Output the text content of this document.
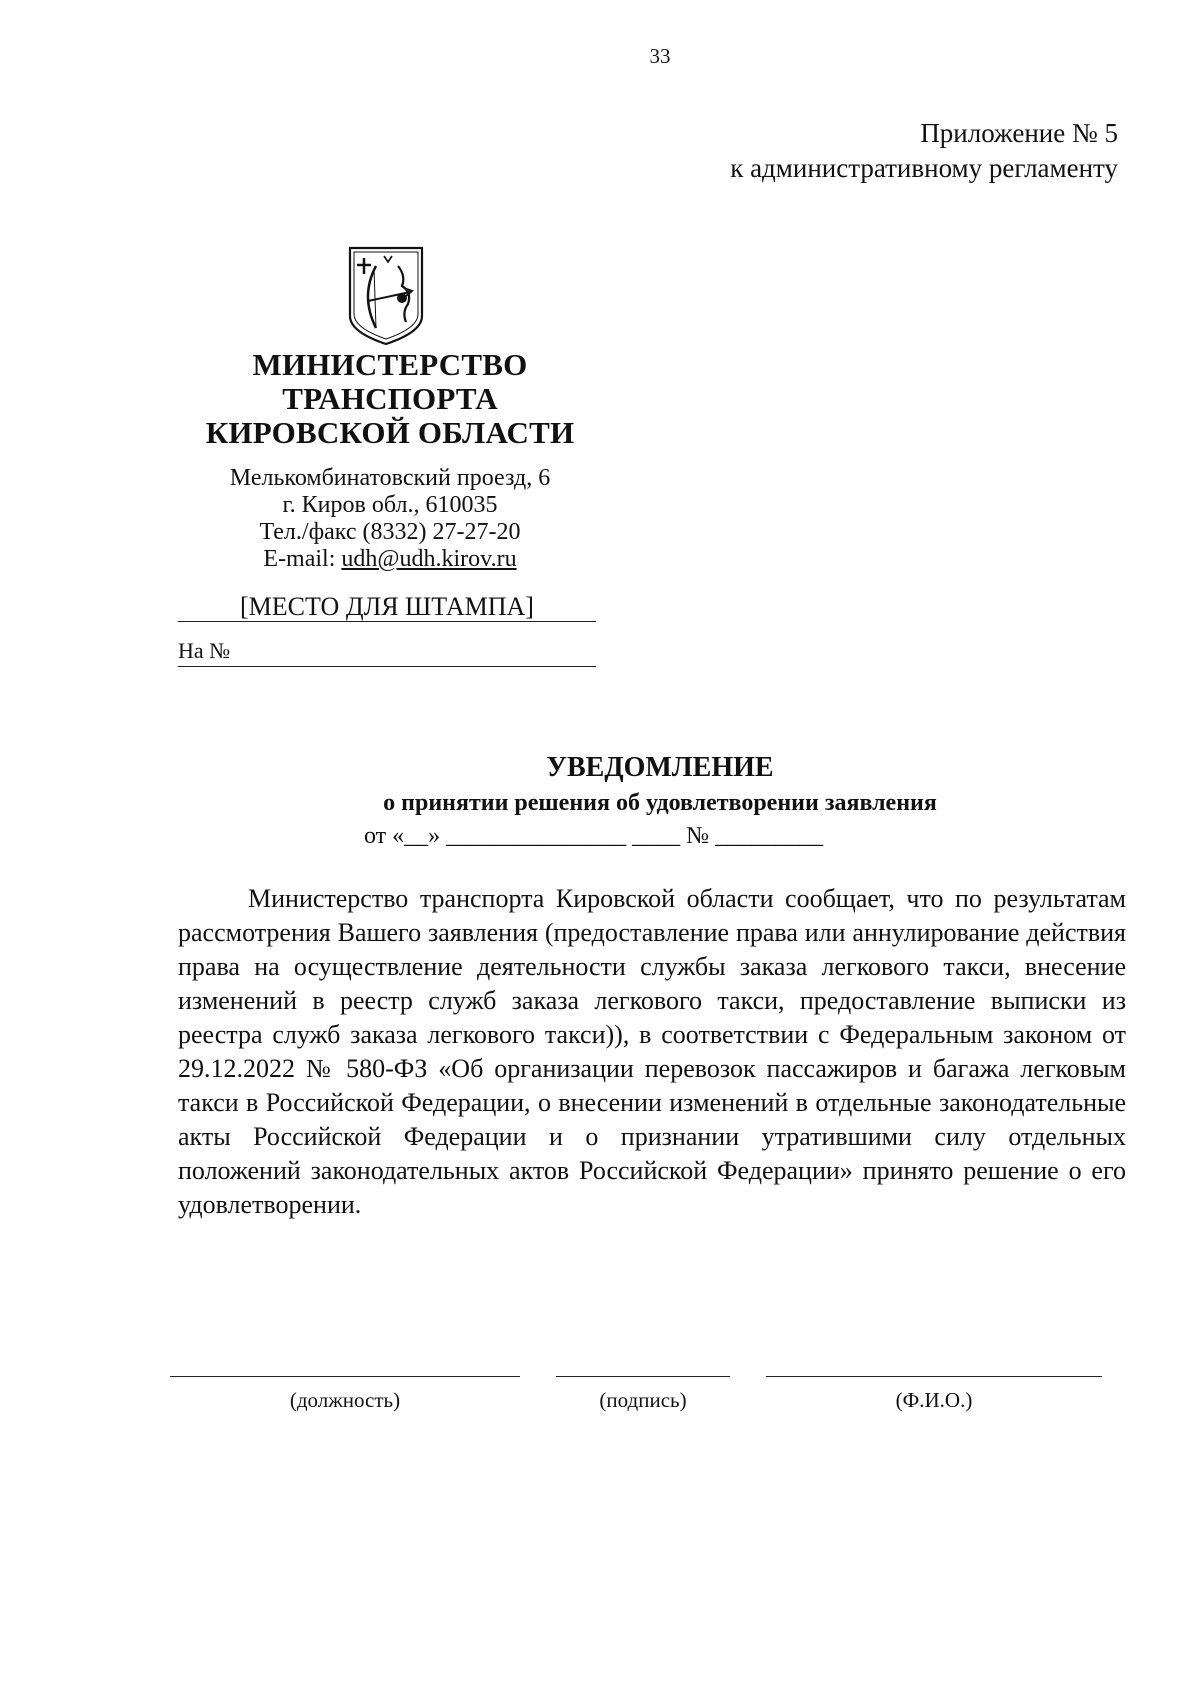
33
Приложение № 5
к административному регламенту
МИНИСТЕРСТВО
ТРАНСПОРТА
КИРОВСКОЙ ОБЛАСТИ
Мелькомбинатовский проезд, 6
г. Киров обл., 610035
Тел./факс (8332) 27-27-20
E-mail: udh@udh.kirov.ru
[МЕСТО ДЛЯ ШТАМПА]
На №
УВЕДОМЛЕНИЕ
о принятии решения об удовлетворении заявления
от «__» _______________ ____ № _________
Министерство транспорта Кировской области сообщает, что по результатам рассмотрения Вашего заявления (предоставление права или аннулирование действия права на осуществление деятельности службы заказа легкового такси, внесение изменений в реестр служб заказа легкового такси, предоставление выписки из реестра служб заказа легкового такси)), в соответствии с Федеральным законом от 29.12.2022 № 580-ФЗ «Об организации перевозок пассажиров и багажа легковым такси в Российской Федерации, о внесении изменений в отдельные законодательные акты Российской Федерации и о признании утратившими силу отдельных положений законодательных актов Российской Федерации» принято решение о его удовлетворении.
(должность)	(подпись)	(Ф.И.О.)
